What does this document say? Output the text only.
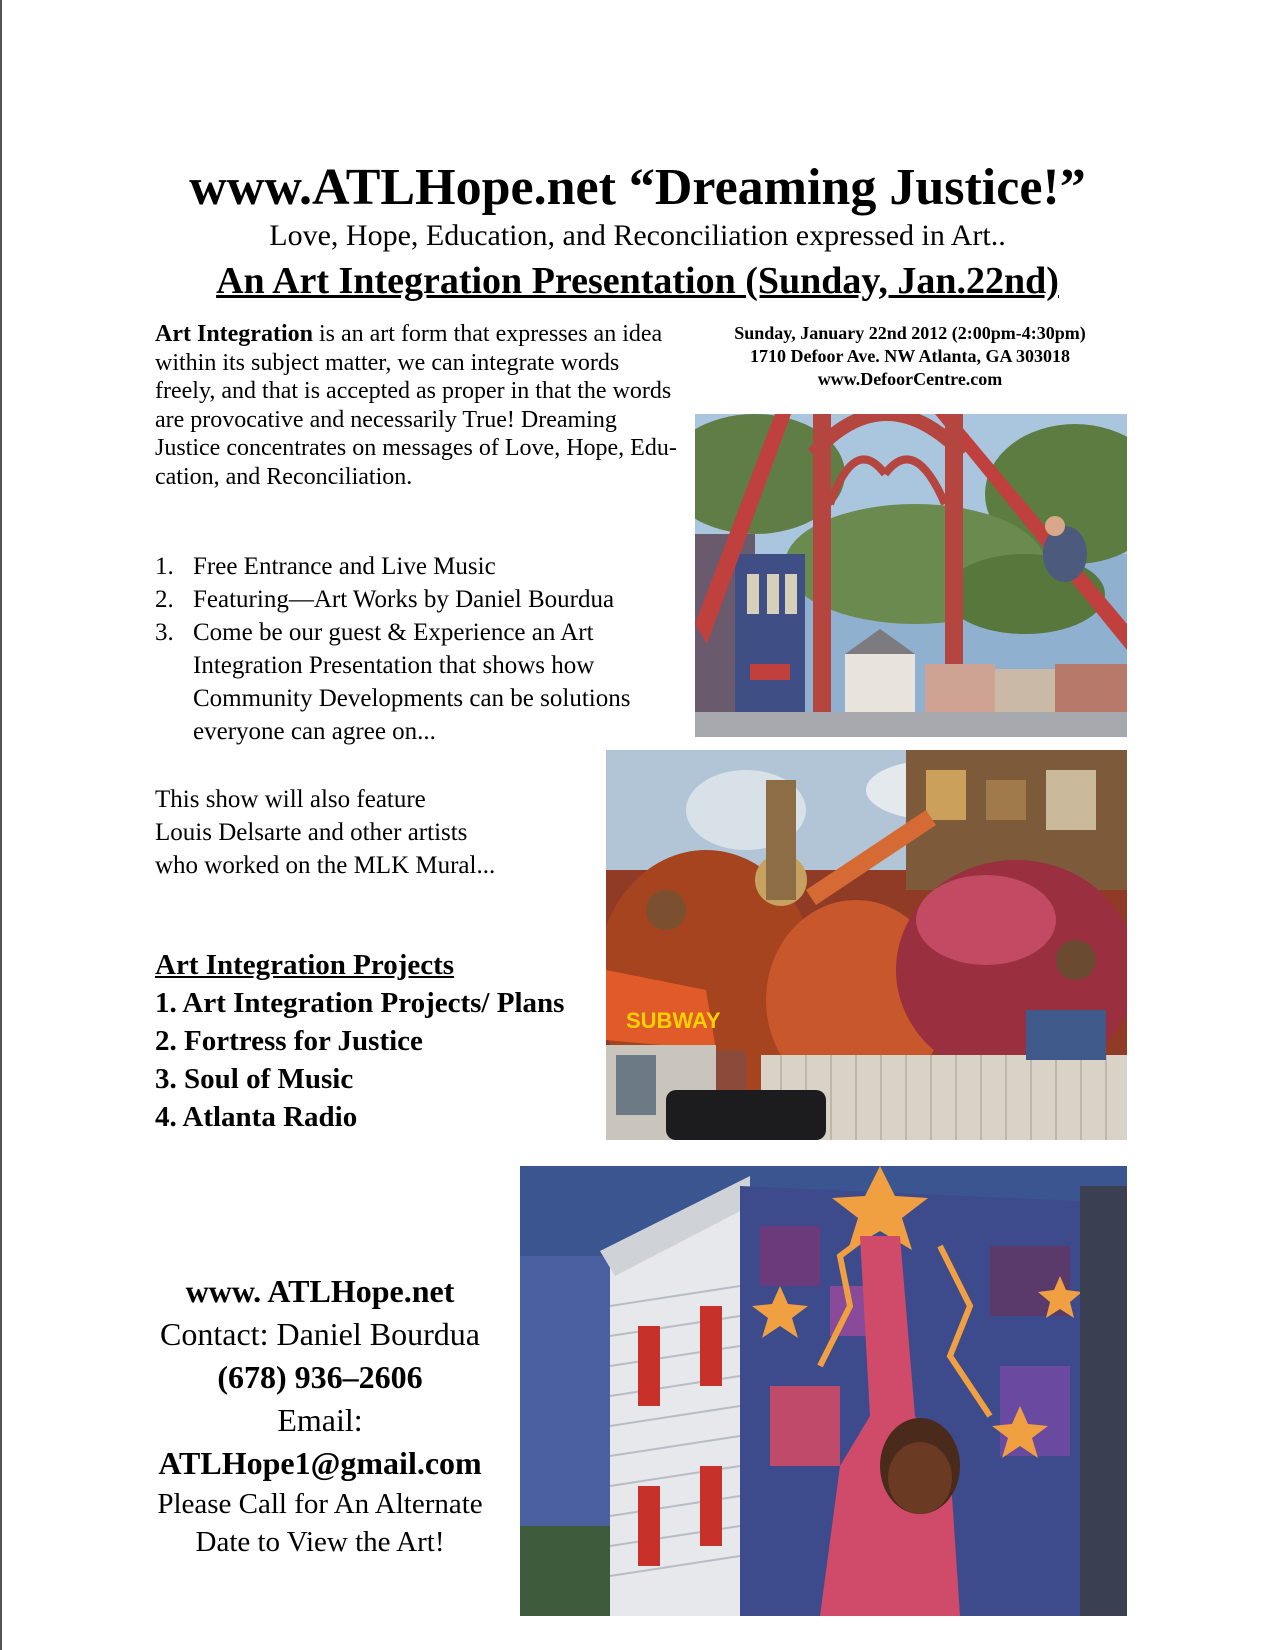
www.ATLHope.net “Dreaming Justice!”
Love, Hope, Education, and Reconciliation expressed in Art..
An Art Integration Presentation (Sunday, Jan.22nd)
Art Integration is an art form that expresses an idea within its subject matter, we can integrate words freely, and that is accepted as proper in that the words are provocative and necessarily True! Dreaming Justice concentrates on messages of Love, Hope, Edu-cation, and Reconciliation.
Sunday, January 22nd 2012 (2:00pm-4:30pm)
1710 Defoor Ave. NW Atlanta, GA 303018
www.DefoorCentre.com
1. Free Entrance and Live Music
2. Featuring—Art Works by Daniel Bourdua
3. Come be our guest & Experience an Art Integration Presentation that shows how Community Developments can be solutions everyone can agree on...
This show will also feature
Louis Delsarte and other artists
who worked on the MLK Mural...
Art Integration Projects
1. Art Integration Projects/ Plans
2. Fortress for Justice
3. Soul of Music
4. Atlanta Radio
www. ATLHope.net
Contact: Daniel Bourdua
(678) 936–2606
Email:
ATLHope1@gmail.com
Please Call for An Alternate
Date to View the Art!
SUBWAY
